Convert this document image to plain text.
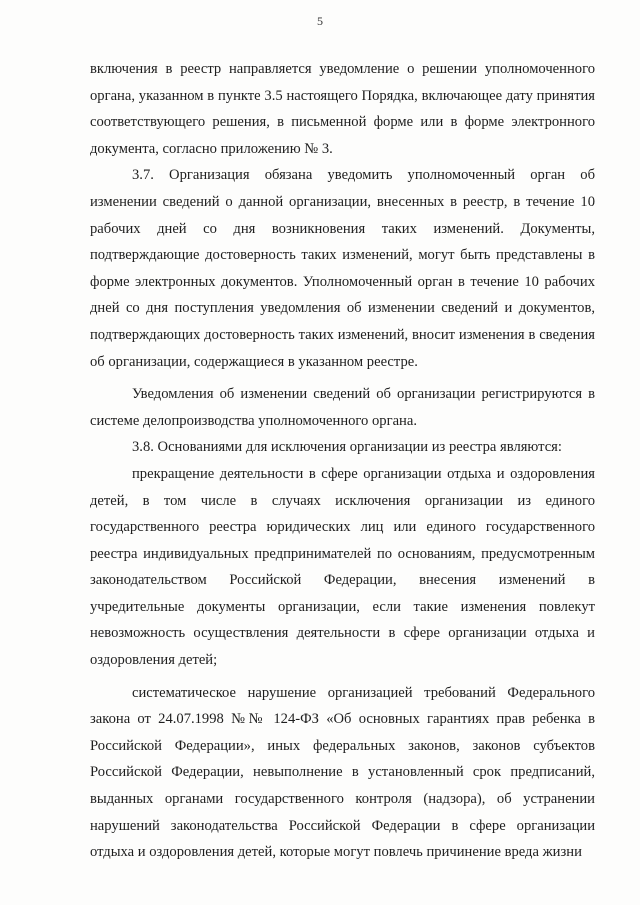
5

включения в реестр направляется уведомление о решении уполномоченного органа, указанном в пункте 3.5 настоящего Порядка, включающее дату принятия соответствующего решения, в письменной форме или в форме электронного документа, согласно приложению № 3.

3.7. Организация обязана уведомить уполномоченный орган об изменении сведений о данной организации, внесенных в реестр, в течение 10 рабочих дней со дня возникновения таких изменений. Документы, подтверждающие достоверность таких изменений, могут быть представлены в форме электронных документов. Уполномоченный орган в течение 10 рабочих дней со дня поступления уведомления об изменении сведений и документов, подтверждающих достоверность таких изменений, вносит изменения в сведения об организации, содержащиеся в указанном реестре.

Уведомления об изменении сведений об организации регистрируются в системе делопроизводства уполномоченного органа.

3.8. Основаниями для исключения организации из реестра являются:

прекращение деятельности в сфере организации отдыха и оздоровления детей, в том числе в случаях исключения организации из единого государственного реестра юридических лиц или единого государственного реестра индивидуальных предпринимателей по основаниям, предусмотренным законодательством Российской Федерации, внесения изменений в учредительные документы организации, если такие изменения повлекут невозможность осуществления деятельности в сфере организации отдыха и оздоровления детей;

систематическое нарушение организацией требований Федерального закона от 24.07.1998 №№ 124-ФЗ «Об основных гарантиях прав ребенка в Российской Федерации», иных федеральных законов, законов субъектов Российской Федерации, невыполнение в установленный срок предписаний, выданных органами государственного контроля (надзора), об устранении нарушений законодательства Российской Федерации в сфере организации отдыха и оздоровления детей, которые могут повлечь причинение вреда жизни
